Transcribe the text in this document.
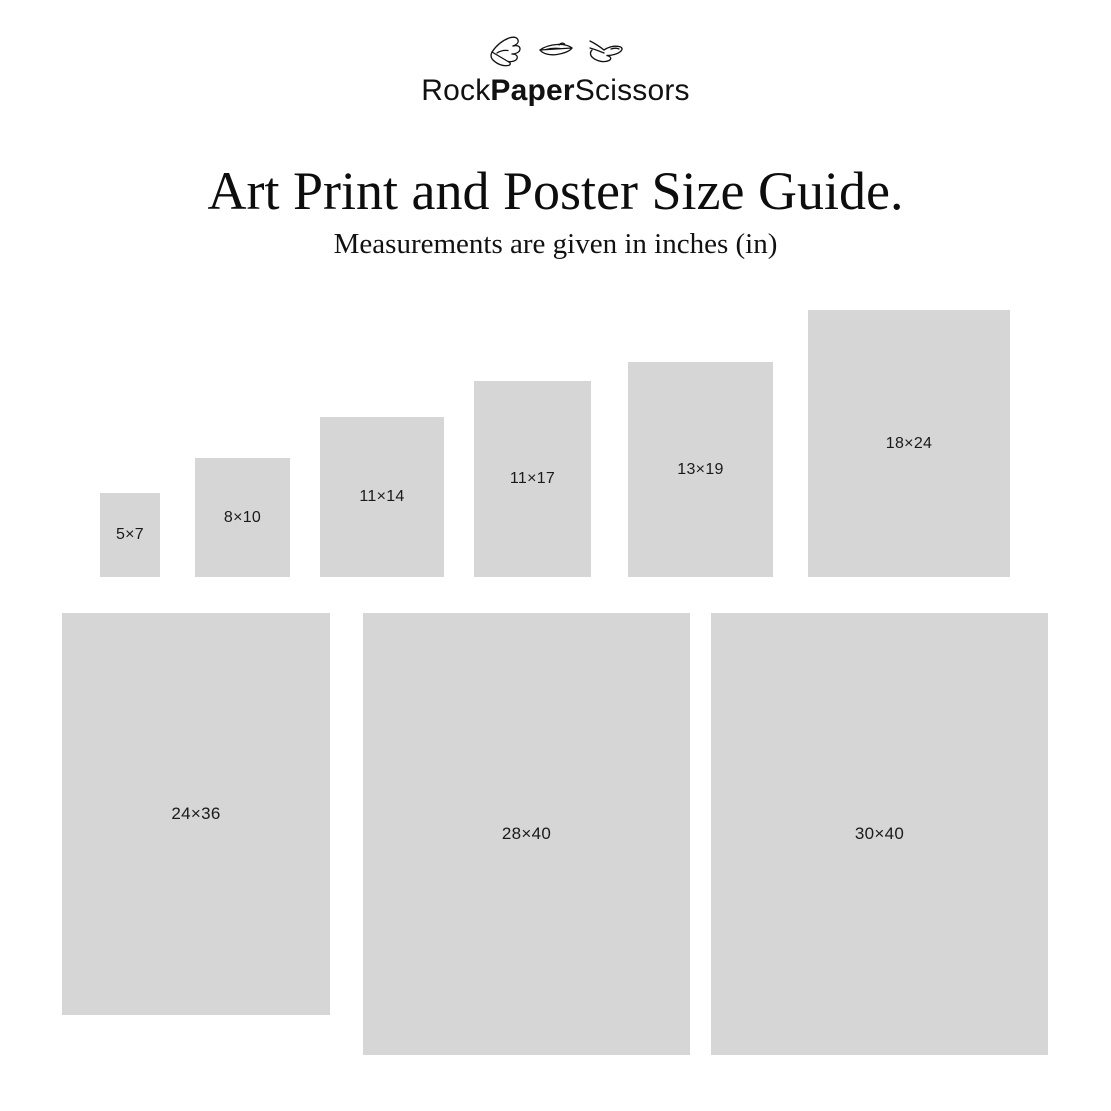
RockPaperScissors
Art Print and Poster Size Guide.
Measurements are given in inches (in)
5×7
8×10
11×14
11×17
13×19
18×24
24×36
28×40	30×40
